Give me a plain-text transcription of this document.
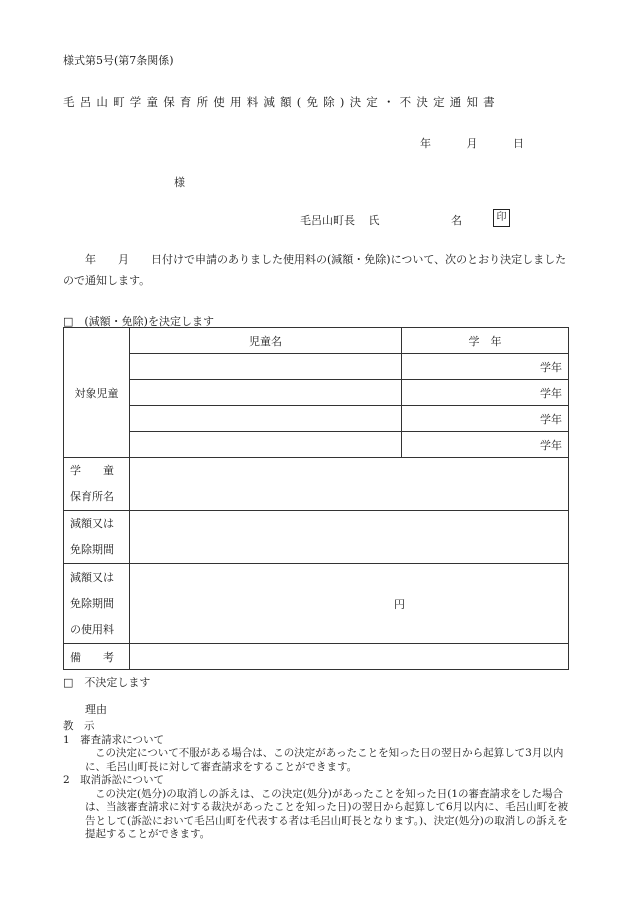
様式第5号(第7条関係)
毛呂山町学童保育所使用料減額(免除)決定・不決定通知書
年	月	日
様
毛呂山町長 氏	名	印
年　　月　　日付けで申請のありました使用料の(減額・免除)について、次のとおり決定しましたので通知します。
□　(減額・免除)を決定します
対象児童	児童名	学　年
		学年
		学年
		学年
		学年

学　　童
保育所名		

減額又は
免除期間		

減額又は
免除期間
の使用料	円	
備　　考		
□　不決定します
理由

教　示

1　審査請求について

この決定について不服がある場合は、この決定があったことを知った日の翌日から起算して3月以内に、毛呂山町長に対して審査請求をすることができます。

2　取消訴訟について

この決定(処分)の取消しの訴えは、この決定(処分)があったことを知った日(1の審査請求をした場合は、当該審査請求に対する裁決があったことを知った日)の翌日から起算して6月以内に、毛呂山町を被告として(訴訟において毛呂山町を代表する者は毛呂山町長となります。)、決定(処分)の取消しの訴えを提起することができます。
